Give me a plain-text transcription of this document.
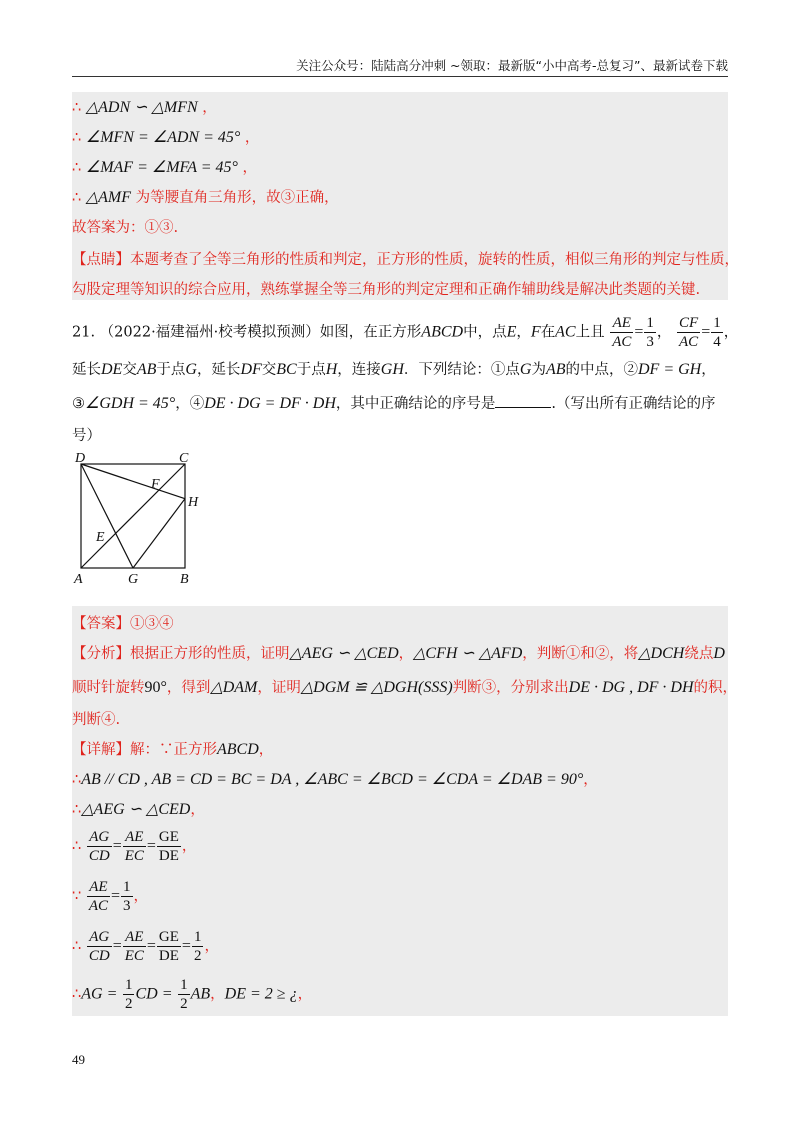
关注公众号：陆陆高分冲刺 ~领取：最新版“小中高考-总复习”、最新试卷下载
∴ △ADN ∽ △MFN ，
∴ ∠MFN = ∠ADN = 45° ，
∴ ∠MAF = ∠MFA = 45° ，
∴ △AMF 为等腰直角三角形，故③正确，
故答案为：①③.
【点睛】本题考查了全等三角形的性质和判定，正方形的性质，旋转的性质，相似三角形的判定与性质，
勾股定理等知识的综合应用，熟练掌握全等三角形的判定定理和正确作辅助线是解决此类题的关键.
21. （2022·福建福州·校考模拟预测）如图，在正方形ABCD中，点E，F在AC上且 $\frac{AE}{AC} = \frac{1}{3}$ ， $\frac{CF}{AC} = \frac{1}{4}$ ，
延长DE交AB于点G，延长DF交BC于点H，连接GH．下列结论：①点G为AB的中点，②DF = GH，
③∠GDH = 45°，④DE · DG = DF · DH，其中正确结论的序号是	.（写出所有正确结论的序
号）
D	C
F
H
E
A	G	B
【答案】①③④
【分析】根据正方形的性质，证明△AEG ∽ △CED，△CFH ∽ △AFD，判断①和②，将△DCH绕点D
顺时针旋转90°，得到△DAM，证明△DGM ≌ △DGH(SSS)判断③，分别求出DE · DG , DF · DH的积，
判断④.
【详解】解：∵正方形ABCD，
∴AB // CD , AB = CD = BC = DA , ∠ABC = ∠BCD = ∠CDA = ∠DAB = 90°，
∴△AEG ∽ △CED，
∴ $\frac{AG}{CD} = \frac{AE}{EC} = \frac{GE}{DE}$ ，
∵ $\frac{AE}{AC} = \frac{1}{3}$ ，
∴ $\frac{AG}{CD} = \frac{AE}{EC} = \frac{GE}{DE} = \frac{1}{2}$ ，
∴AG = $\frac{1}{2}$ CD = $\frac{1}{2}$ AB，DE = 2 ≥ ¿，
49
